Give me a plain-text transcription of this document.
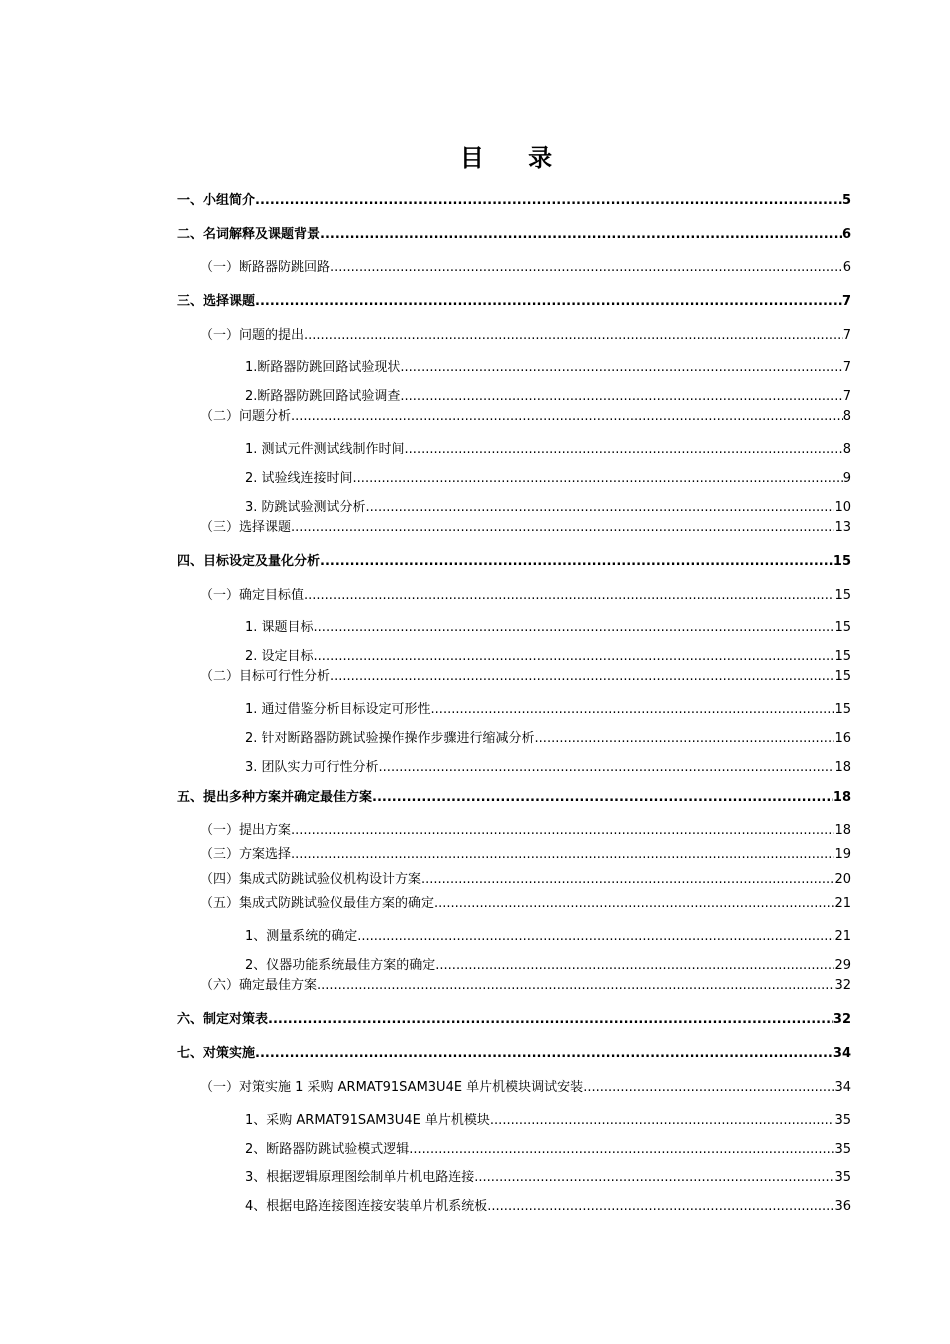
目 录
一、小组简介 .....	5
二、名词解释及课题背景 .....	6
（一）断路器防跳回路 .....	6
三、选择课题 .....	7
（一）问题的提出 .....	7
1.断路器防跳回路试验现状 .....	7
2.断路器防跳回路试验调查 .....	7
（二）问题分析 .....	8
1. 测试元件测试线制作时间 .....	8
2. 试验线连接时间 .....	9
3. 防跳试验测试分析 .....	10
（三）选择课题 .....	13
四、目标设定及量化分析 .....	15
（一）确定目标值 .....	15
1. 课题目标 .....	15
2. 设定目标 .....	15
（二）目标可行性分析 .....	15
1. 通过借鉴分析目标设定可形性 .....	15
2. 针对断路器防跳试验操作操作步骤进行缩减分析 .....	16
3. 团队实力可行性分析 .....	18
五、提出多种方案并确定最佳方案 .....	18
（一）提出方案 .....	18
（三）方案选择 .....	19
（四）集成式防跳试验仪机构设计方案 .....	20
（五）集成式防跳试验仪最佳方案的确定 .....	21
1、测量系统的确定 .....	21
2、仪器功能系统最佳方案的确定 .....	29
（六）确定最佳方案 .....	32
六、制定对策表 .....	32
七、对策实施 .....	34
（一）对策实施 1 采购 ARMAT91SAM3U4E 单片机模块调试安装 .....	34
1、采购 ARMAT91SAM3U4E 单片机模块 .....	35
2、断路器防跳试验模式逻辑 .....	35
3、根据逻辑原理图绘制单片机电路连接 .....	35
4、根据电路连接图连接安装单片机系统板 .....	36
